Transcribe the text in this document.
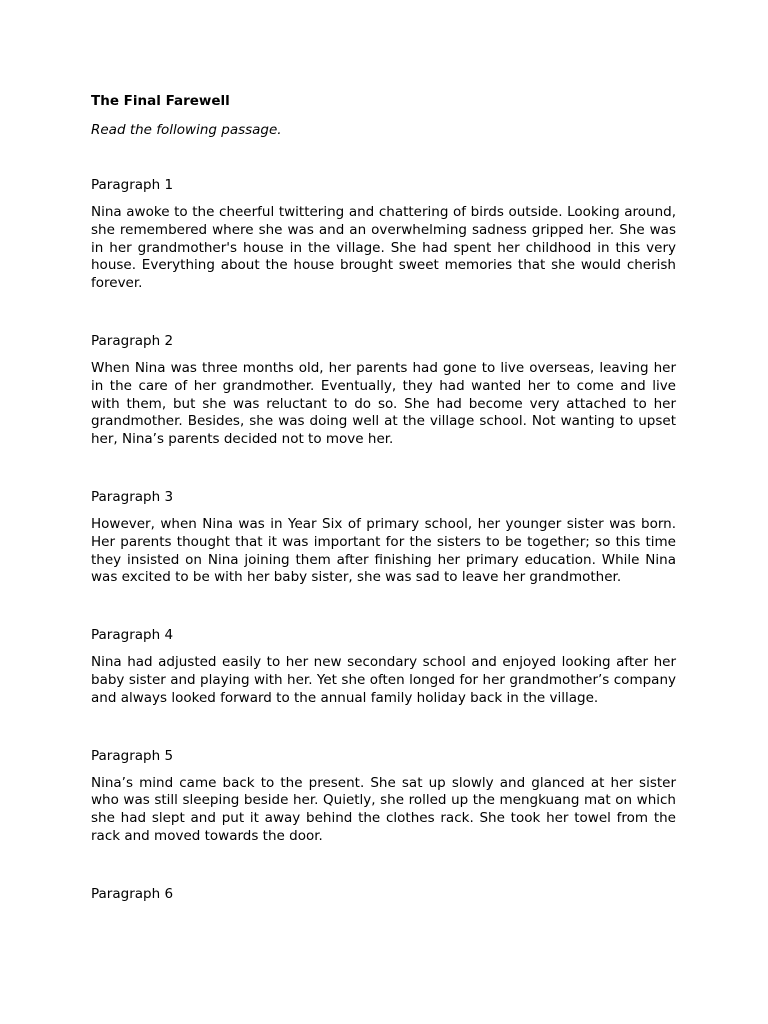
The Final Farewell

Read the following passage.

Paragraph 1

Nina awoke to the cheerful twittering and chattering of birds outside. Looking around, she remembered where she was and an overwhelming sadness gripped her. She was in her grandmother's house in the village. She had spent her childhood in this very house. Everything about the house brought sweet memories that she would cherish forever.

Paragraph 2

When Nina was three months old, her parents had gone to live overseas, leaving her in the care of her grandmother. Eventually, they had wanted her to come and live with them, but she was reluctant to do so. She had become very attached to her grandmother. Besides, she was doing well at the village school. Not wanting to upset her, Nina’s parents decided not to move her.

Paragraph 3

However, when Nina was in Year Six of primary school, her younger sister was born. Her parents thought that it was important for the sisters to be together; so this time they insisted on Nina joining them after finishing her primary education. While Nina was excited to be with her baby sister, she was sad to leave her grandmother.

Paragraph 4

Nina had adjusted easily to her new secondary school and enjoyed looking after her baby sister and playing with her. Yet she often longed for her grandmother’s company and always looked forward to the annual family holiday back in the village.

Paragraph 5

Nina’s mind came back to the present. She sat up slowly and glanced at her sister who was still sleeping beside her. Quietly, she rolled up the mengkuang mat on which she had slept and put it away behind the clothes rack. She took her towel from the rack and moved towards the door.

Paragraph 6
